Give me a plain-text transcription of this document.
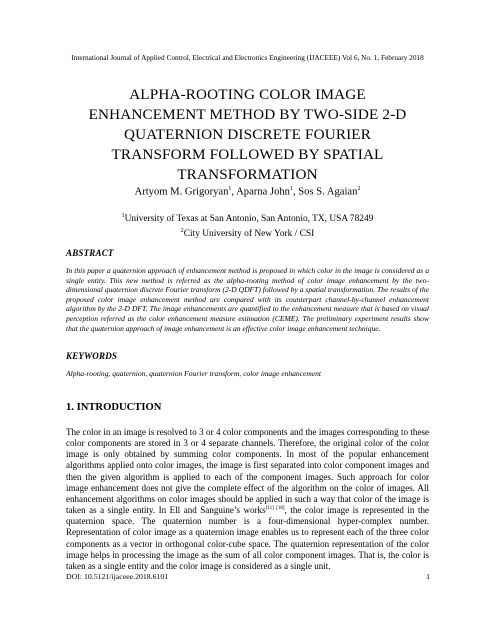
International Journal of Applied Control, Electrical and Electronics Engineering (IJACEEE) Vol 6, No. 1, February 2018
ALPHA-ROOTING COLOR IMAGE
ENHANCEMENT METHOD BY TWO-SIDE 2-D
QUATERNION DISCRETE FOURIER
TRANSFORM FOLLOWED BY SPATIAL
TRANSFORMATION
Artyom M. Grigoryan$^1$, Aparna John$^1$, Sos S. Agaian$^2$
$^1$University of Texas at San Antonio, San Antonio, TX, USA 78249
$^2$City University of New York / CSI
ABSTRACT
In this paper a quaternion approach of enhancement method is proposed in which color in the image is considered as a single entity. This new method is referred as the alpha-rooting method of color image enhancement by the two-dimensional quaternion discrete Fourier transform (2-D QDFT) followed by a spatial transformation. The results of the proposed color image enhancement method are compared with its counterpart channel-by-channel enhancement algorithm by the 2-D DFT. The image enhancements are quantified to the enhancement measure that is based on visual perception referred as the color enhancement measure estimation (CEME). The preliminary experiment results show that the quaternion approach of image enhancement is an effective color image enhancement technique.
KEYWORDS
Alpha-rooting, quaternion, quaternion Fourier transform, color image enhancement
1. INTRODUCTION
The color in an image is resolved to 3 or 4 color components and the images corresponding to these color components are stored in 3 or 4 separate channels. Therefore, the original color of the color image is only obtained by summing color components. In most of the popular enhancement algorithms applied onto color images, the image is first separated into color component images and then the given algorithm is applied to each of the component images. Such approach for color image enhancement does not give the complete effect of the algorithm on the color of images. All enhancement algorithms on color images should be applied in such a way that color of the image is taken as a single entity. In Ell and Sanguine’s works[11] [18], the color image is represented in the quaternion space. The quaternion number is a four-dimensional hyper-complex number. Representation of color image as a quaternion image enables us to represent each of the three color components as a vector in orthogonal color-cube space. The quaternion representation of the color image helps in processing the image as the sum of all color component images. That is, the color is taken as a single entity and the color image is considered as a single unit.
DOI: 10.5121/ijaceee.2018.6101	1
